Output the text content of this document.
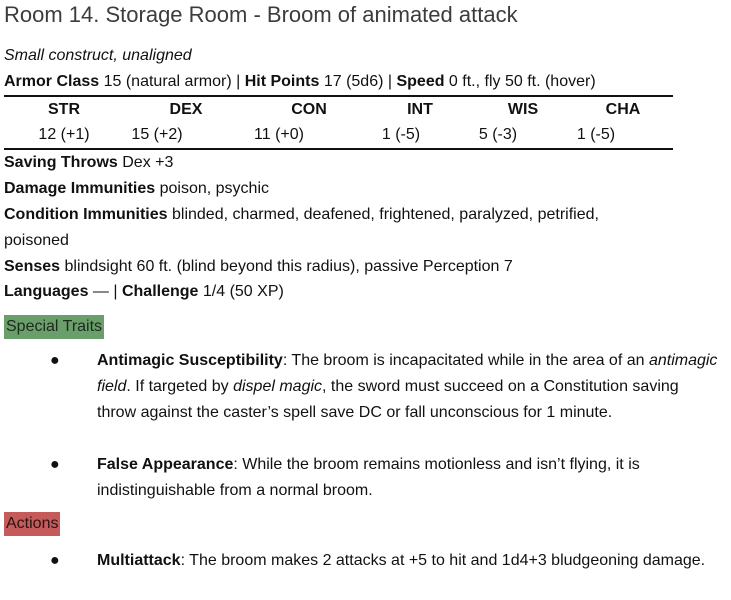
Room 14. Storage Room - Broom of animated attack
Small construct, unaligned
Armor Class 15 (natural armor) | Hit Points 17 (5d6) | Speed 0 ft., fly 50 ft. (hover)
STR	DEX	CON	INT	WIS	CHA
12 (+1)	15 (+2)	11 (+0)	1 (-5)	5 (-3)	1 (-5)
Saving Throws Dex +3
Damage Immunities poison, psychic
Condition Immunities blinded, charmed, deafened, frightened, paralyzed, petrified,
poisoned
Senses blindsight 60 ft. (blind beyond this radius), passive Perception 7
Languages — | Challenge 1/4 (50 XP)
Special Traits
● Antimagic Susceptibility: The broom is incapacitated while in the area of an antimagic field. If targeted by dispel magic, the sword must succeed on a Constitution saving throw against the caster’s spell save DC or fall unconscious for 1 minute.
● False Appearance: While the broom remains motionless and isn’t flying, it is indistinguishable from a normal broom.
Actions
● Multiattack: The broom makes 2 attacks at +5 to hit and 1d4+3 bludgeoning damage.
